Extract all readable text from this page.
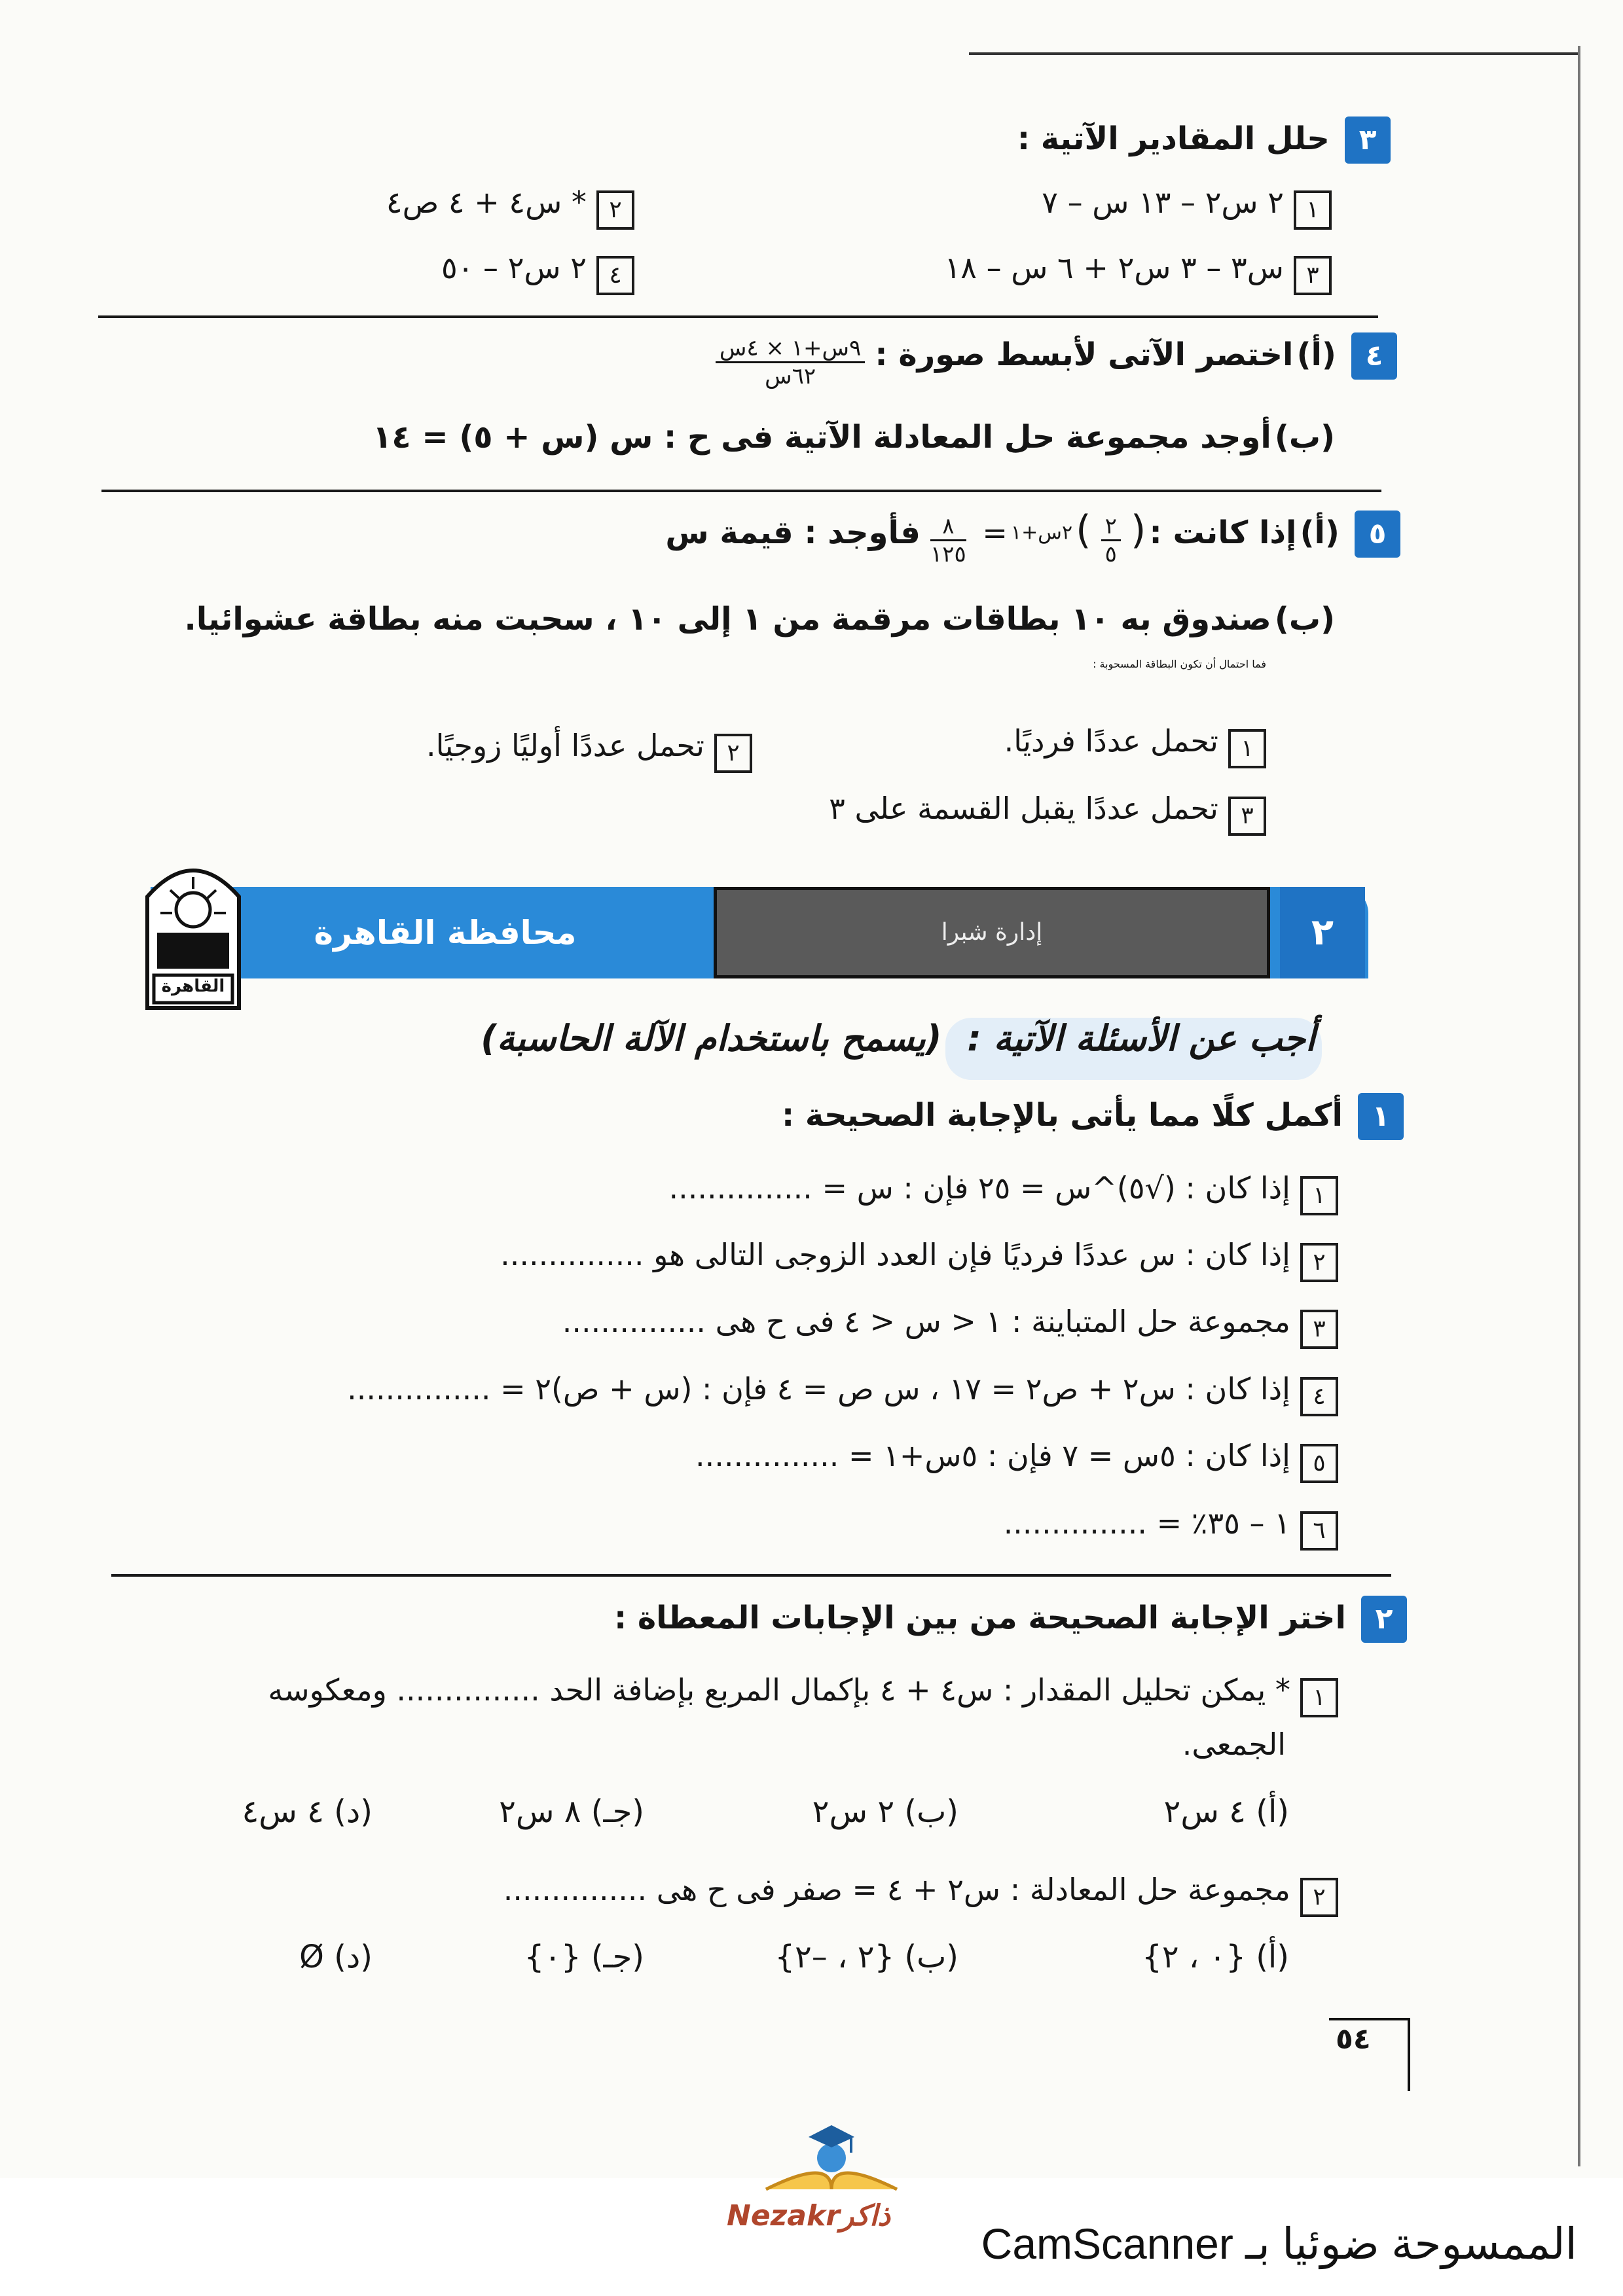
٣ حلل المقادير الآتية :
١ ٢ س٢ – ١٣ س – ٧
٢ * س٤ + ٤ ص٤
٣ س٣ – ٣ س٢ + ٦ س – ١٨
٤ ٢ س٢ – ٥٠
٤ (أ) اختصر الآتى لأبسط صورة :
$\frac{\text{٩س+١ × ٤س}}{\text{٦٢س}}$
(ب) أوجد مجموعة حل المعادلة الآتية فى ح : س (س + ٥) = ١٤
٥ (أ) إذا كانت : (
$\frac{٢}{٥}$
) $^{٢س+١}$ =
$\frac{٨}{١٢٥}$
فأوجد : قيمة س
(ب) صندوق به ١٠ بطاقات مرقمة من ١ إلى ١٠ ، سحبت منه بطاقة عشوائيا.
فما احتمال أن تكون البطاقة المسحوبة :
١ تحمل عددًا فرديًا.
٢ تحمل عددًا أوليًا زوجيًا.
٣ تحمل عددًا يقبل القسمة على ٣
محافظة القاهرة	إدارة شبرا	٢
القاهرة
أجب عن الأسئلة الآتية : (يسمح باستخدام الآلة الحاسبة)
١ أكمل كلًا مما يأتى بالإجابة الصحيحة :
١ إذا كان : (√٥)^س = ٢٥ فإن : س = ...............
٢ إذا كان : س عددًا فرديًا فإن العدد الزوجى التالى هو ...............
٣ مجموعة حل المتباينة : ١ < س < ٤ فى ح هى ...............
٤ إذا كان : س٢ + ص٢ = ١٧ ، س ص = ٤ فإن : (س + ص)٢ = ...............
٥ إذا كان : ٥س = ٧ فإن : ٥س+١ = ...............
٦ ١ – ٣٥٪ = ...............
٢ اختر الإجابة الصحيحة من بين الإجابات المعطاة :
١ * يمكن تحليل المقدار : س٤ + ٤ بإكمال المربع بإضافة الحد ............... ومعكوسه
الجمعى.
(أ) ٤ س٢
(ب) ٢ س٢
(جـ) ٨ س٢
(د) ٤ س٤
٢ مجموعة حل المعادلة : س٢ + ٤ = صفر فى ح هى ...............
(أ) {٠ ، ٢}
(ب) {٢ ، –٢}
(جـ) {٠}
(د) Ø
٥٤
Nezakrذاكر
الممسوحة ضوئيا بـ CamScanner
